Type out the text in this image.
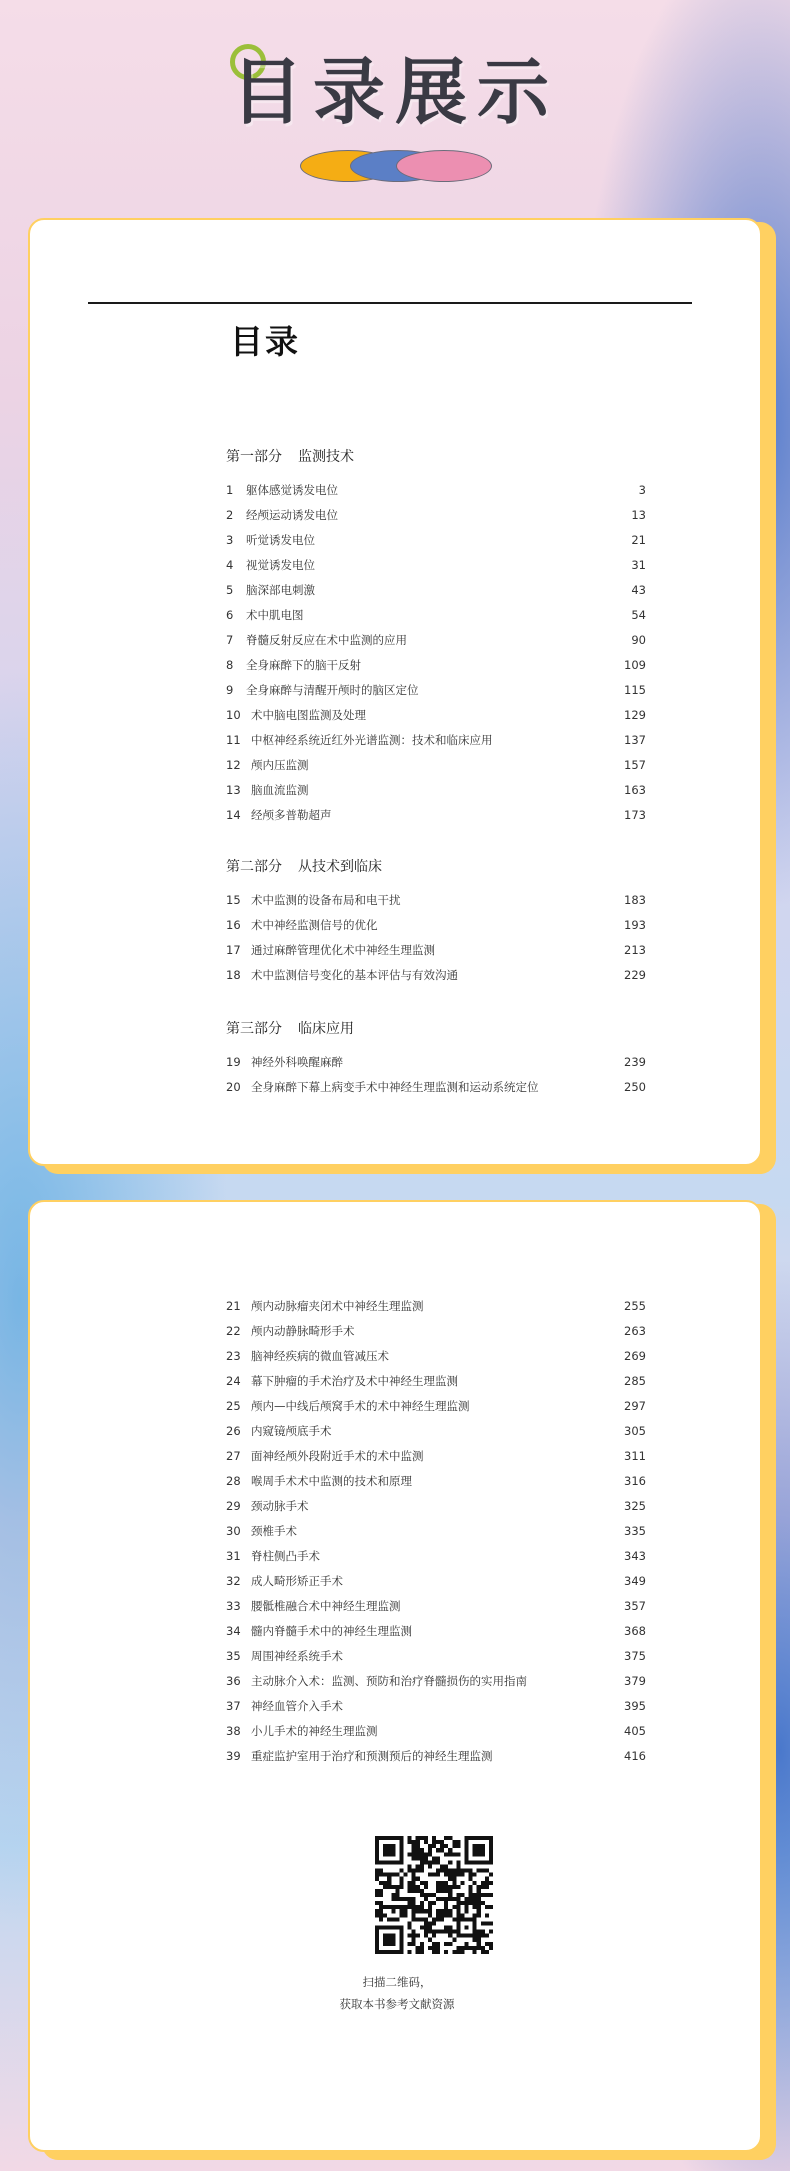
目录展示
目录
第一部分 监测技术
1 躯体感觉诱发电位	3
2 经颅运动诱发电位	13
3 听觉诱发电位	21
4 视觉诱发电位	31
5 脑深部电刺激	43
6 术中肌电图	54
7 脊髓反射反应在术中监测的应用	90
8 全身麻醉下的脑干反射	109
9 全身麻醉与清醒开颅时的脑区定位	115
10 术中脑电图监测及处理	129
11 中枢神经系统近红外光谱监测：技术和临床应用	137
12 颅内压监测	157
13 脑血流监测	163
14 经颅多普勒超声	173
第二部分 从技术到临床
15 术中监测的设备布局和电干扰	183
16 术中神经监测信号的优化	193
17 通过麻醉管理优化术中神经生理监测	213
18 术中监测信号变化的基本评估与有效沟通	229
第三部分 临床应用
19 神经外科唤醒麻醉	239
20 全身麻醉下幕上病变手术中神经生理监测和运动系统定位	250
21 颅内动脉瘤夹闭术中神经生理监测	255
22 颅内动静脉畸形手术	263
23 脑神经疾病的微血管减压术	269
24 幕下肿瘤的手术治疗及术中神经生理监测	285
25 颅内—中线后颅窝手术的术中神经生理监测	297
26 内窥镜颅底手术	305
27 面神经颅外段附近手术的术中监测	311
28 喉周手术术中监测的技术和原理	316
29 颈动脉手术	325
30 颈椎手术	335
31 脊柱侧凸手术	343
32 成人畸形矫正手术	349
33 腰骶椎融合术中神经生理监测	357
34 髓内脊髓手术中的神经生理监测	368
35 周围神经系统手术	375
36 主动脉介入术：监测、预防和治疗脊髓损伤的实用指南	379
37 神经血管介入手术	395
38 小儿手术的神经生理监测	405
39 重症监护室用于治疗和预测预后的神经生理监测	416
扫描二维码，
获取本书参考文献资源
